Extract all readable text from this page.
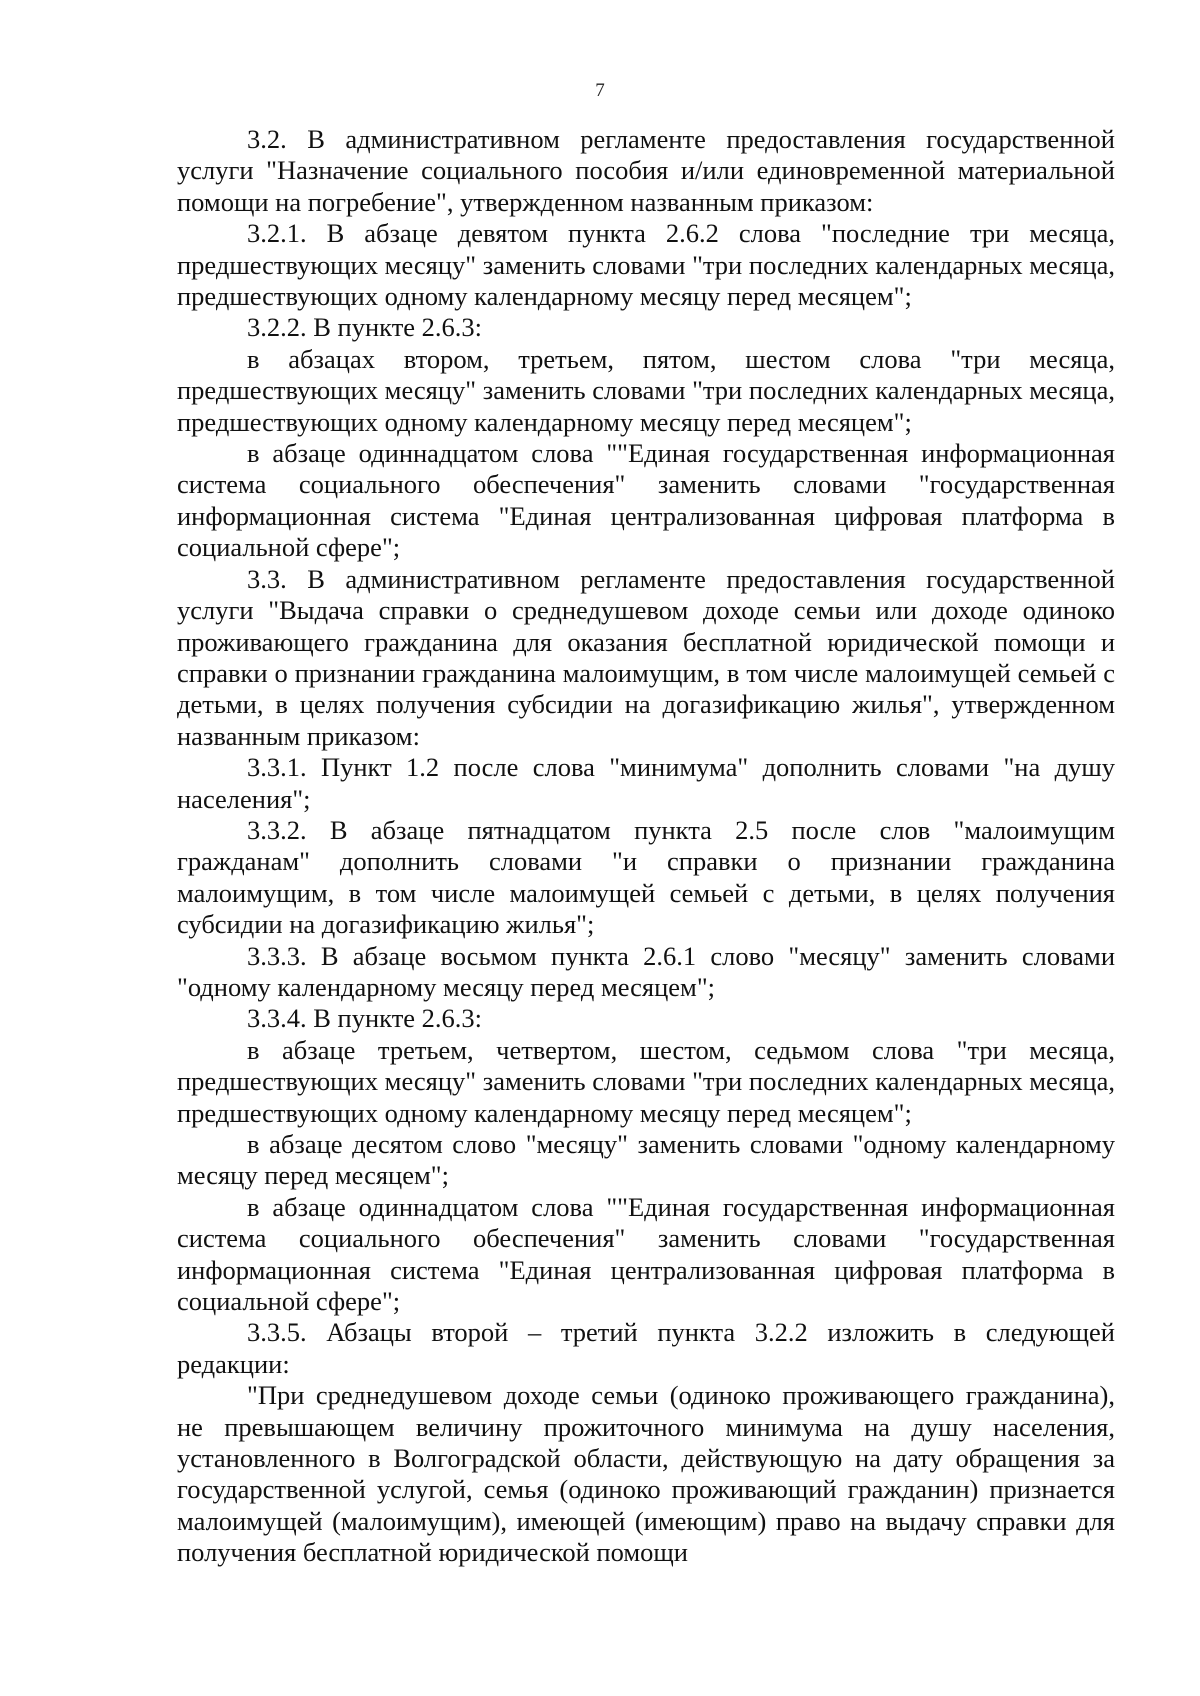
7

3.2. В административном регламенте предоставления государственной услуги "Назначение социального пособия и/или единовременной материальной помощи на погребение", утвержденном названным приказом:

3.2.1. В абзаце девятом пункта 2.6.2 слова "последние три месяца, предшествующих месяцу" заменить словами "три последних календарных месяца, предшествующих одному календарному месяцу перед месяцем";

3.2.2. В пункте 2.6.3:

в абзацах втором, третьем, пятом, шестом слова "три месяца, предшествующих месяцу" заменить словами "три последних календарных месяца, предшествующих одному календарному месяцу перед месяцем";

в абзаце одиннадцатом слова ""Единая государственная информационная система социального обеспечения" заменить словами "государственная информационная система "Единая централизованная цифровая платформа в социальной сфере";

3.3. В административном регламенте предоставления государственной услуги "Выдача справки о среднедушевом доходе семьи или доходе одиноко проживающего гражданина для оказания бесплатной юридической помощи и справки о признании гражданина малоимущим, в том числе малоимущей семьей с детьми, в целях получения субсидии на догазификацию жилья", утвержденном названным приказом:

3.3.1. Пункт 1.2 после слова "минимума" дополнить словами "на душу населения";

3.3.2. В абзаце пятнадцатом пункта 2.5 после слов "малоимущим гражданам" дополнить словами "и справки о признании гражданина малоимущим, в том числе малоимущей семьей с детьми, в целях получения субсидии на догазификацию жилья";

3.3.3. В абзаце восьмом пункта 2.6.1 слово "месяцу" заменить словами "одному календарному месяцу перед месяцем";

3.3.4. В пункте 2.6.3:

в абзаце третьем, четвертом, шестом, седьмом слова "три месяца, предшествующих месяцу" заменить словами "три последних календарных месяца, предшествующих одному календарному месяцу перед месяцем";

в абзаце десятом слово "месяцу" заменить словами "одному календарному месяцу перед месяцем";

в абзаце одиннадцатом слова ""Единая государственная информационная система социального обеспечения" заменить словами "государственная информационная система "Единая централизованная цифровая платформа в социальной сфере";

3.3.5. Абзацы второй – третий пункта 3.2.2 изложить в следующей редакции:

"При среднедушевом доходе семьи (одиноко проживающего гражданина), не превышающем величину прожиточного минимума на душу населения, установленного в Волгоградской области, действующую на дату обращения за государственной услугой, семья (одиноко проживающий гражданин) признается малоимущей (малоимущим), имеющей (имеющим) право на выдачу справки для получения бесплатной юридической помощи
